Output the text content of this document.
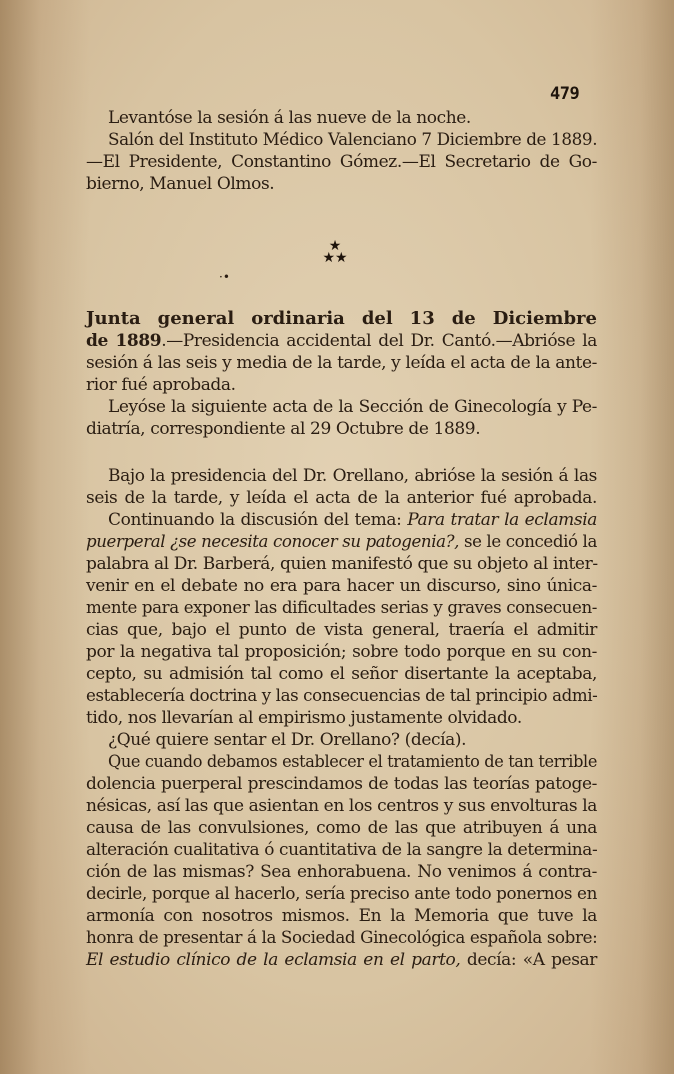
479
Levantóse la sesión á las nueve de la noche.
Salón del Instituto Médico Valenciano 7 Diciembre de 1889.
—El Presidente, Constantino Gómez.—El Secretario de Go-
bierno, Manuel Olmos.
★
★★
·•
Junta general ordinaria del 13 de Diciembre
de 1889.—Presidencia accidental del Dr. Cantó.—Abrióse la
sesión á las seis y media de la tarde, y leída el acta de la ante-
rior fué aprobada.
Leyóse la siguiente acta de la Sección de Ginecología y Pe-
diatría, correspondiente al 29 Octubre de 1889.
Bajo la presidencia del Dr. Orellano, abrióse la sesión á las
seis de la tarde, y leída el acta de la anterior fué aprobada.
Continuando la discusión del tema: Para tratar la eclamsia
puerperal ¿se necesita conocer su patogenia?, se le concedió la
palabra al Dr. Barberá, quien manifestó que su objeto al inter-
venir en el debate no era para hacer un discurso, sino única-
mente para exponer las dificultades serias y graves consecuen-
cias que, bajo el punto de vista general, traería el admitir
por la negativa tal proposición; sobre todo porque en su con-
cepto, su admisión tal como el señor disertante la aceptaba,
establecería doctrina y las consecuencias de tal principio admi-
tido, nos llevarían al empirismo justamente olvidado.
¿Qué quiere sentar el Dr. Orellano? (decía).
Que cuando debamos establecer el tratamiento de tan terrible
dolencia puerperal prescindamos de todas las teorías patoge-
nésicas, así las que asientan en los centros y sus envolturas la
causa de las convulsiones, como de las que atribuyen á una
alteración cualitativa ó cuantitativa de la sangre la determina-
ción de las mismas? Sea enhorabuena. No venimos á contra-
decirle, porque al hacerlo, sería preciso ante todo ponernos en
armonía con nosotros mismos. En la Memoria que tuve la
honra de presentar á la Sociedad Ginecológica española sobre:
El estudio clínico de la eclamsia en el parto, decía: «A pesar
